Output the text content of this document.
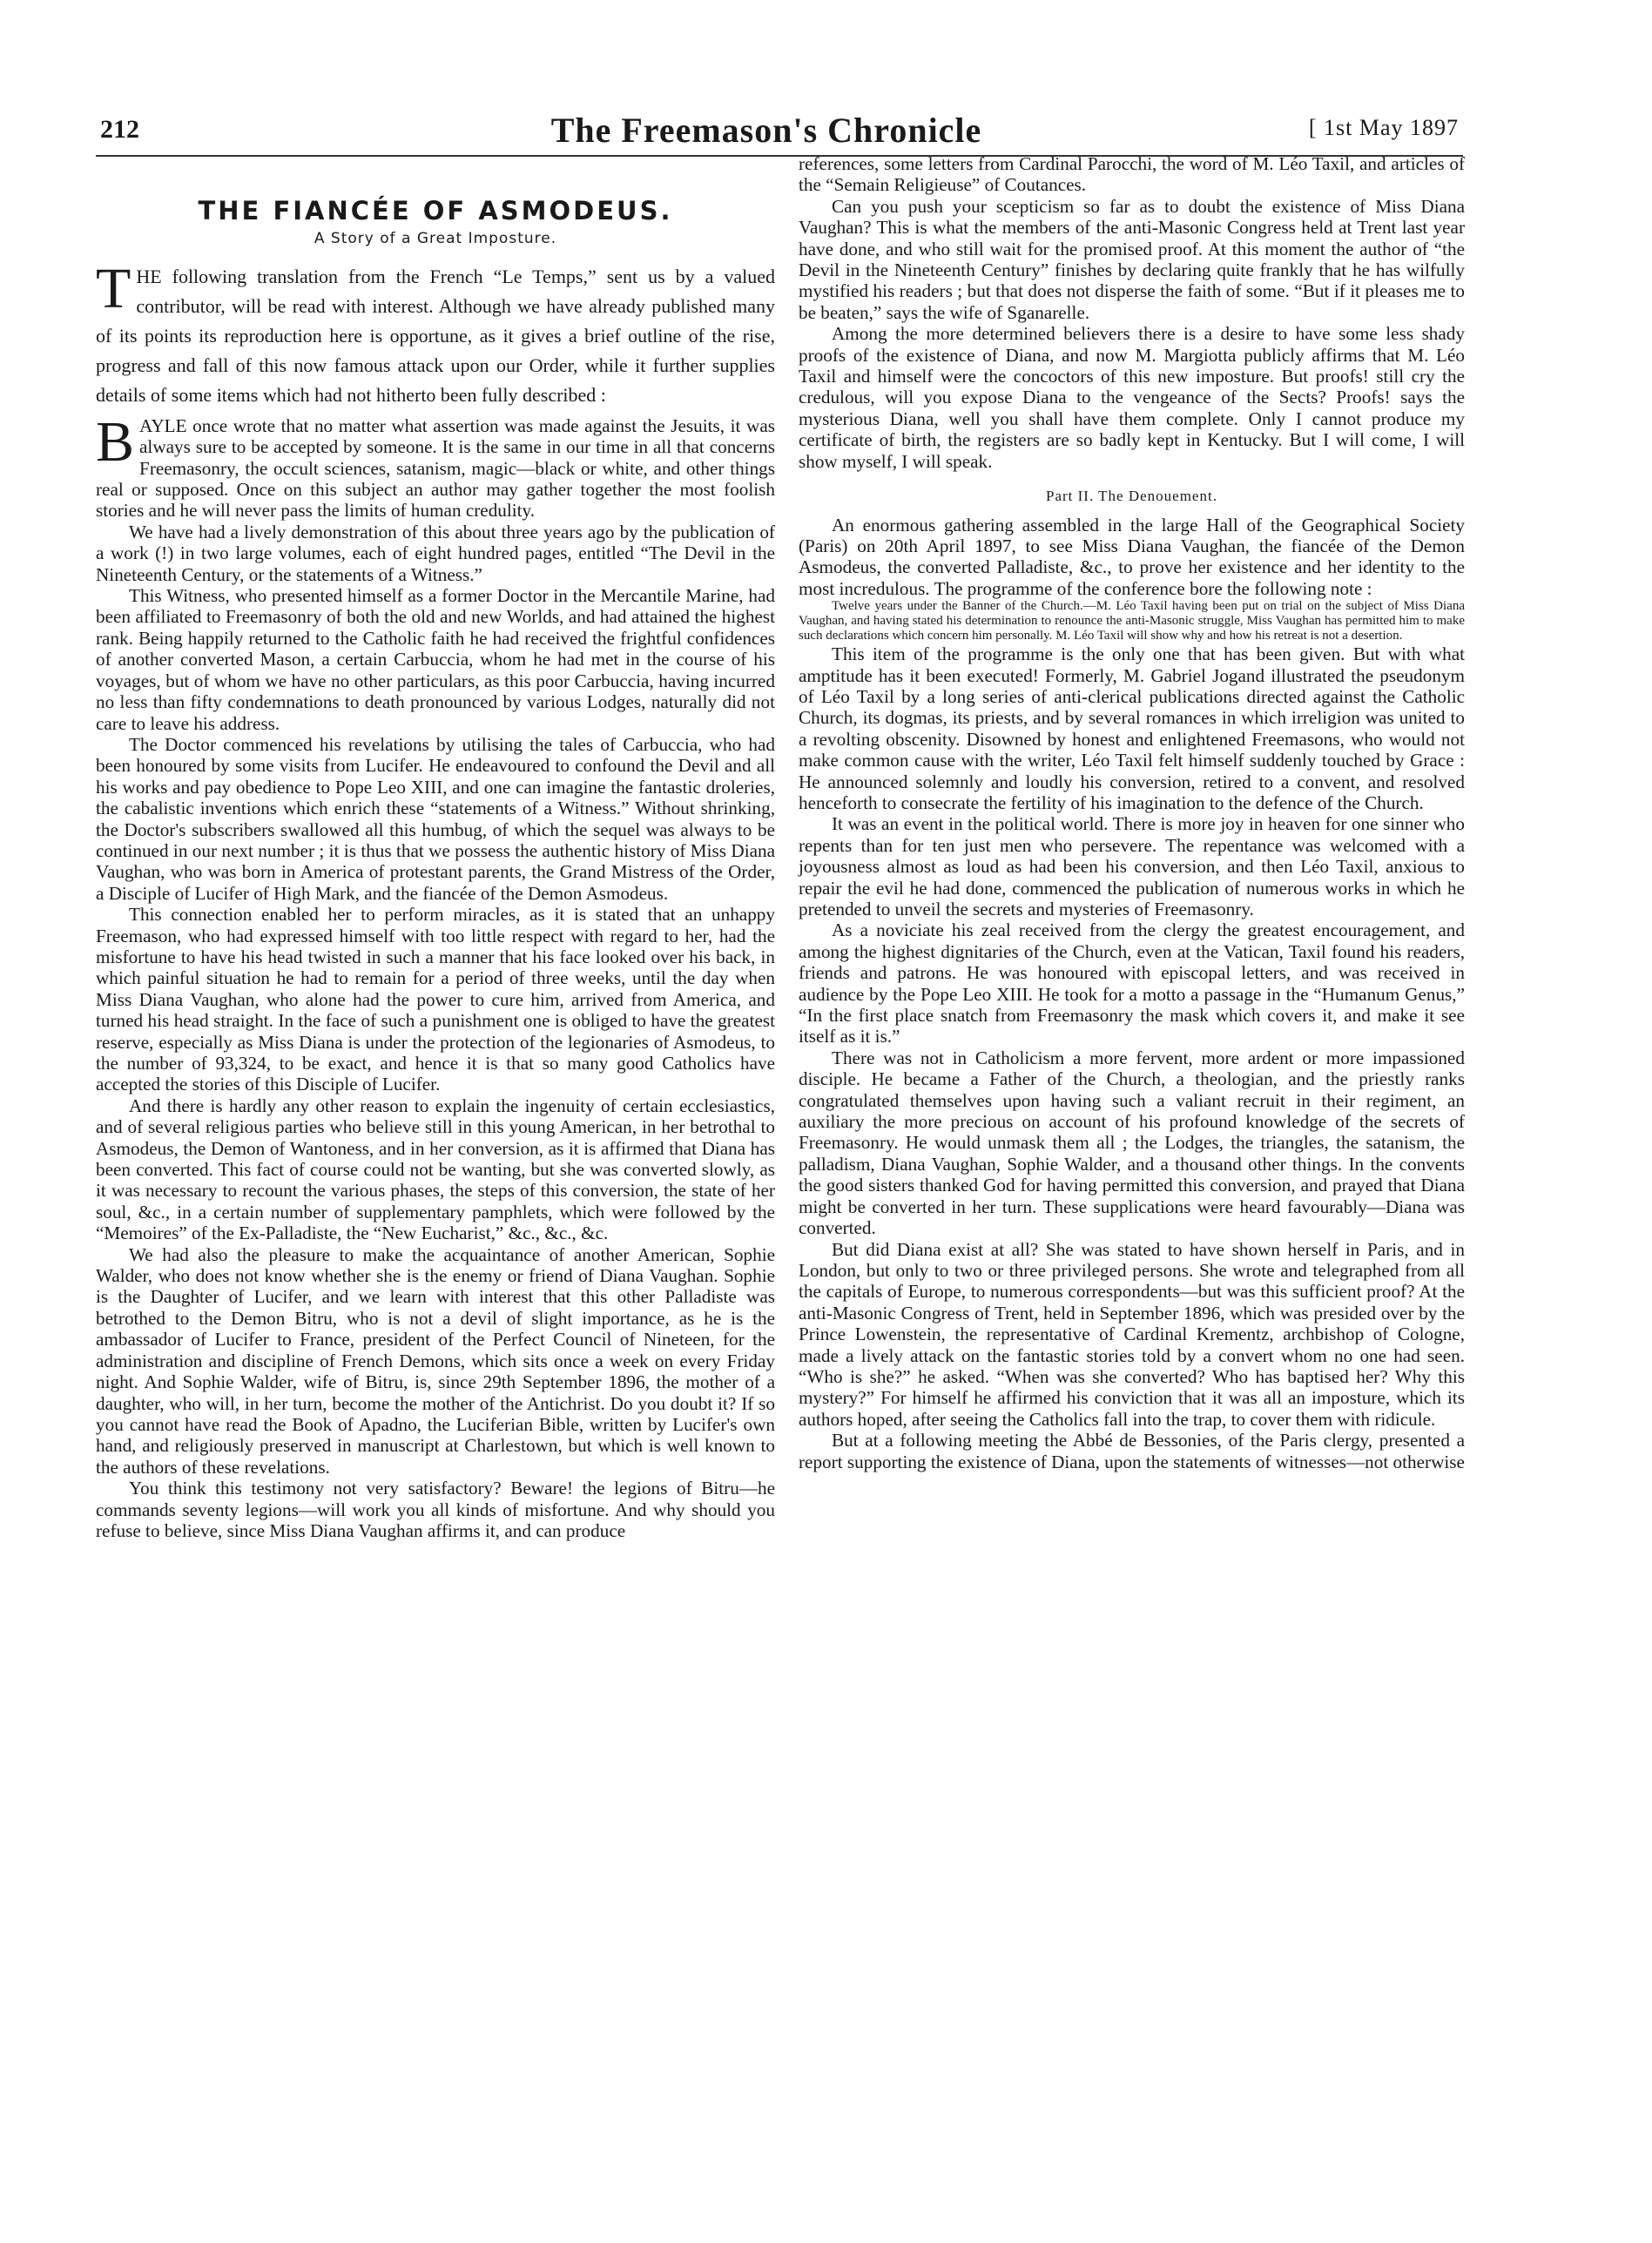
212	The Freemason's Chronicle	[ 1st May 1897
THE FIANCÉE OF ASMODEUS.
A Story of a Great Imposture.

THE following translation from the French “Le Temps,” sent us by a valued contributor, will be read with interest. Although we have already published many of its points its reproduction here is opportune, as it gives a brief outline of the rise, progress and fall of this now famous attack upon our Order, while it further supplies details of some items which had not hitherto been fully described :

BAYLE once wrote that no matter what assertion was made against the Jesuits, it was always sure to be accepted by someone. It is the same in our time in all that concerns Freemasonry, the occult sciences, satanism, magic—black or white, and other things real or supposed. Once on this subject an author may gather together the most foolish stories and he will never pass the limits of human credulity.

We have had a lively demonstration of this about three years ago by the publication of a work (!) in two large volumes, each of eight hundred pages, entitled “The Devil in the Nineteenth Century, or the statements of a Witness.”

This Witness, who presented himself as a former Doctor in the Mercantile Marine, had been affiliated to Freemasonry of both the old and new Worlds, and had attained the highest rank. Being happily returned to the Catholic faith he had received the frightful confidences of another converted Mason, a certain Carbuccia, whom he had met in the course of his voyages, but of whom we have no other particulars, as this poor Carbuccia, having incurred no less than fifty condemnations to death pronounced by various Lodges, naturally did not care to leave his address.

The Doctor commenced his revelations by utilising the tales of Carbuccia, who had been honoured by some visits from Lucifer. He endeavoured to confound the Devil and all his works and pay obedience to Pope Leo XIII, and one can imagine the fantastic droleries, the cabalistic inventions which enrich these “statements of a Witness.” Without shrinking, the Doctor's subscribers swallowed all this humbug, of which the sequel was always to be continued in our next number ; it is thus that we possess the authentic history of Miss Diana Vaughan, who was born in America of protestant parents, the Grand Mistress of the Order, a Disciple of Lucifer of High Mark, and the fiancée of the Demon Asmodeus.

This connection enabled her to perform miracles, as it is stated that an unhappy Freemason, who had expressed himself with too little respect with regard to her, had the misfortune to have his head twisted in such a manner that his face looked over his back, in which painful situation he had to remain for a period of three weeks, until the day when Miss Diana Vaughan, who alone had the power to cure him, arrived from America, and turned his head straight. In the face of such a punishment one is obliged to have the greatest reserve, especially as Miss Diana is under the protection of the legionaries of Asmodeus, to the number of 93,324, to be exact, and hence it is that so many good Catholics have accepted the stories of this Disciple of Lucifer.

And there is hardly any other reason to explain the ingenuity of certain ecclesiastics, and of several religious parties who believe still in this young American, in her betrothal to Asmodeus, the Demon of Wantoness, and in her conversion, as it is affirmed that Diana has been converted. This fact of course could not be wanting, but she was converted slowly, as it was necessary to recount the various phases, the steps of this conversion, the state of her soul, &c., in a certain number of supplementary pamphlets, which were followed by the “Memoires” of the Ex-Palladiste, the “New Eucharist,” &c., &c., &c.

We had also the pleasure to make the acquaintance of another American, Sophie Walder, who does not know whether she is the enemy or friend of Diana Vaughan. Sophie is the Daughter of Lucifer, and we learn with interest that this other Palladiste was betrothed to the Demon Bitru, who is not a devil of slight importance, as he is the ambassador of Lucifer to France, president of the Perfect Council of Nineteen, for the administration and discipline of French Demons, which sits once a week on every Friday night. And Sophie Walder, wife of Bitru, is, since 29th September 1896, the mother of a daughter, who will, in her turn, become the mother of the Antichrist. Do you doubt it? If so you cannot have read the Book of Apadno, the Luciferian Bible, written by Lucifer's own hand, and religiously preserved in manuscript at Charlestown, but which is well known to the authors of these revelations.

You think this testimony not very satisfactory? Beware! the legions of Bitru—he commands seventy legions—will work you all kinds of misfortune. And why should you refuse to believe, since Miss Diana Vaughan affirms it, and can produce

references, some letters from Cardinal Parocchi, the word of M. Léo Taxil, and articles of the “Semain Religieuse” of Coutances.

Can you push your scepticism so far as to doubt the existence of Miss Diana Vaughan? This is what the members of the anti-Masonic Congress held at Trent last year have done, and who still wait for the promised proof. At this moment the author of “the Devil in the Nineteenth Century” finishes by declaring quite frankly that he has wilfully mystified his readers ; but that does not disperse the faith of some. “But if it pleases me to be beaten,” says the wife of Sganarelle.

Among the more determined believers there is a desire to have some less shady proofs of the existence of Diana, and now M. Margiotta publicly affirms that M. Léo Taxil and himself were the concoctors of this new imposture. But proofs! still cry the credulous, will you expose Diana to the vengeance of the Sects? Proofs! says the mysterious Diana, well you shall have them complete. Only I cannot produce my certificate of birth, the registers are so badly kept in Kentucky. But I will come, I will show myself, I will speak.

Part II. The Denouement.

An enormous gathering assembled in the large Hall of the Geographical Society (Paris) on 20th April 1897, to see Miss Diana Vaughan, the fiancée of the Demon Asmodeus, the converted Palladiste, &c., to prove her existence and her identity to the most incredulous. The programme of the conference bore the following note :

Twelve years under the Banner of the Church.—M. Léo Taxil having been put on trial on the subject of Miss Diana Vaughan, and having stated his determination to renounce the anti-Masonic struggle, Miss Vaughan has permitted him to make such declarations which concern him personally. M. Léo Taxil will show why and how his retreat is not a desertion.

This item of the programme is the only one that has been given. But with what amptitude has it been executed! Formerly, M. Gabriel Jogand illustrated the pseudonym of Léo Taxil by a long series of anti-clerical publications directed against the Catholic Church, its dogmas, its priests, and by several romances in which irreligion was united to a revolting obscenity. Disowned by honest and enlightened Freemasons, who would not make common cause with the writer, Léo Taxil felt himself suddenly touched by Grace : He announced solemnly and loudly his conversion, retired to a convent, and resolved henceforth to consecrate the fertility of his imagination to the defence of the Church.

It was an event in the political world. There is more joy in heaven for one sinner who repents than for ten just men who persevere. The repentance was welcomed with a joyousness almost as loud as had been his conversion, and then Léo Taxil, anxious to repair the evil he had done, commenced the publication of numerous works in which he pretended to unveil the secrets and mysteries of Freemasonry.

As a noviciate his zeal received from the clergy the greatest encouragement, and among the highest dignitaries of the Church, even at the Vatican, Taxil found his readers, friends and patrons. He was honoured with episcopal letters, and was received in audience by the Pope Leo XIII. He took for a motto a passage in the “Humanum Genus,” “In the first place snatch from Freemasonry the mask which covers it, and make it see itself as it is.”

There was not in Catholicism a more fervent, more ardent or more impassioned disciple. He became a Father of the Church, a theologian, and the priestly ranks congratulated themselves upon having such a valiant recruit in their regiment, an auxiliary the more precious on account of his profound knowledge of the secrets of Freemasonry. He would unmask them all ; the Lodges, the triangles, the satanism, the palladism, Diana Vaughan, Sophie Walder, and a thousand other things. In the convents the good sisters thanked God for having permitted this conversion, and prayed that Diana might be converted in her turn. These supplications were heard favourably—Diana was converted.

But did Diana exist at all? She was stated to have shown herself in Paris, and in London, but only to two or three privileged persons. She wrote and telegraphed from all the capitals of Europe, to numerous correspondents—but was this sufficient proof? At the anti-Masonic Congress of Trent, held in September 1896, which was presided over by the Prince Lowenstein, the representative of Cardinal Krementz, archbishop of Cologne, made a lively attack on the fantastic stories told by a convert whom no one had seen. “Who is she?” he asked. “When was she converted? Who has baptised her? Why this mystery?” For himself he affirmed his conviction that it was all an imposture, which its authors hoped, after seeing the Catholics fall into the trap, to cover them with ridicule.

But at a following meeting the Abbé de Bessonies, of the Paris clergy, presented a report supporting the existence of Diana, upon the statements of witnesses—not otherwise
